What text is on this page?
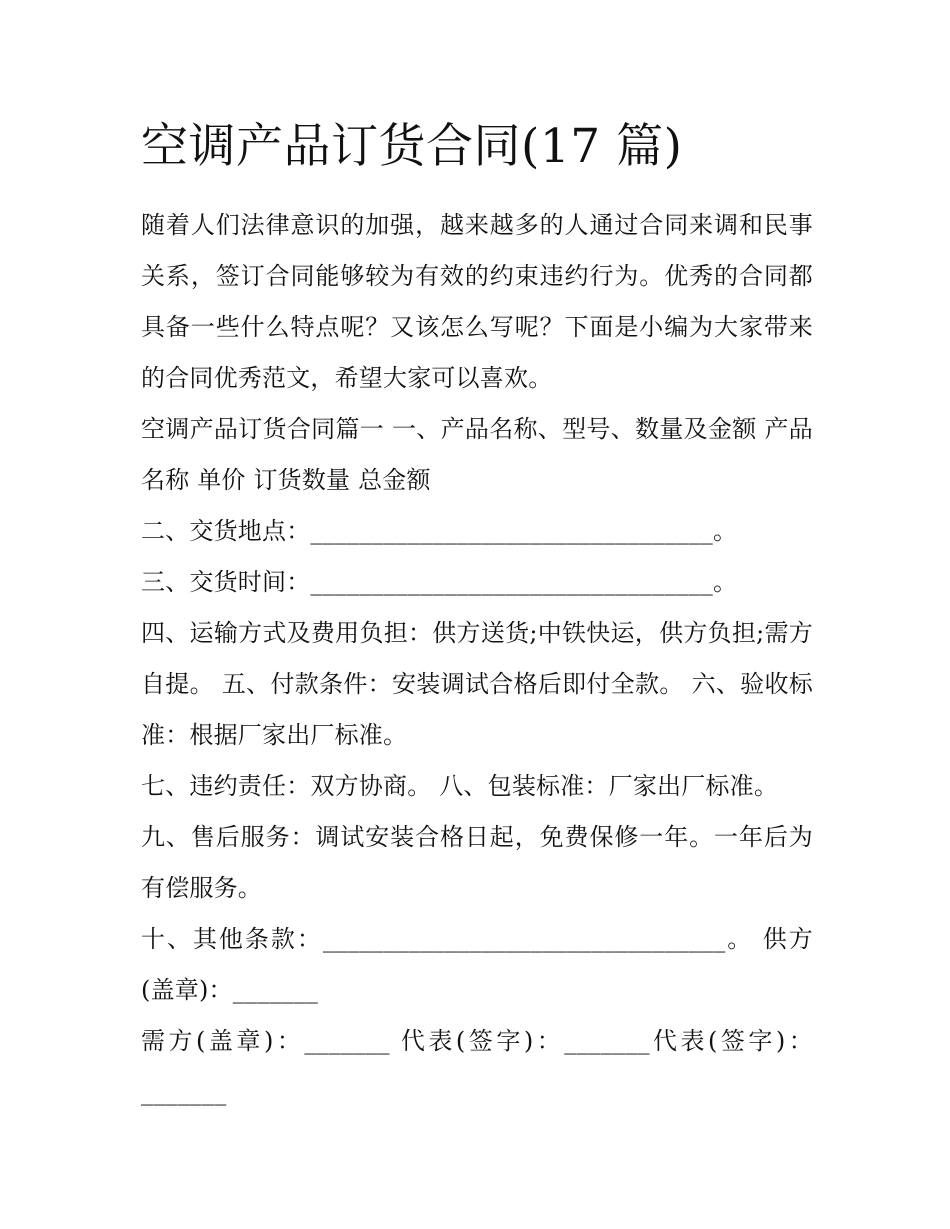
空调产品订货合同(17 篇)

随着人们法律意识的加强，越来越多的人通过合同来调和民事关系，签订合同能够较为有效的约束违约行为。优秀的合同都具备一些什么特点呢？又该怎么写呢？下面是小编为大家带来的合同优秀范文，希望大家可以喜欢。

空调产品订货合同篇一 一、产品名称、型号、数量及金额 产品名称 单价 订货数量 总金额

二、交货地点：_________________________________。

三、交货时间：_________________________________。

四、运输方式及费用负担：供方送货;中铁快运，供方负担;需方自提。 五、付款条件：安装调试合格后即付全款。 六、验收标准：根据厂家出厂标准。

七、违约责任：双方协商。 八、包装标准：厂家出厂标准。

九、售后服务：调试安装合格日起，免费保修一年。一年后为有偿服务。

十、其他条款：_________________________________。 供方(盖章)：_______

需方(盖章)：_______ 代表(签字)：_______代表(签字)：_______
